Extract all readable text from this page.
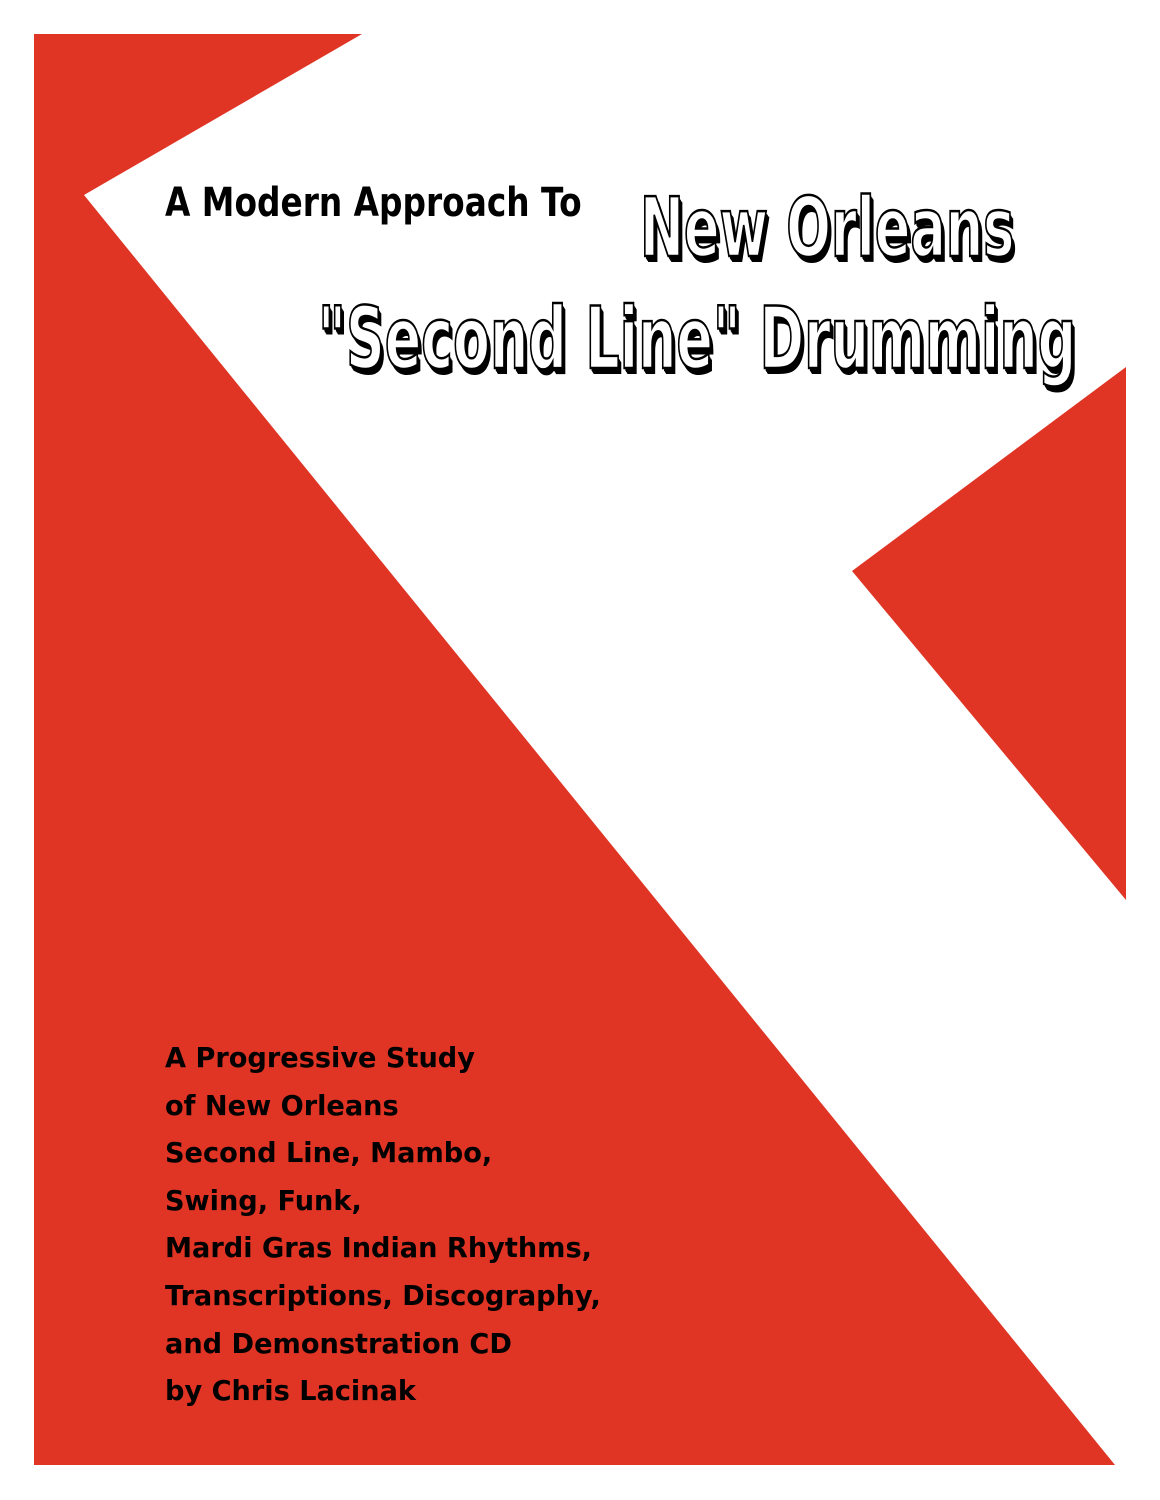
A Modern Approach To New Orleans
"Second Line" Drumming
A Progressive Study
of New Orleans
Second Line, Mambo,
Swing, Funk,
Mardi Gras Indian Rhythms,
Transcriptions, Discography,
and Demonstration CD
by Chris Lacinak
